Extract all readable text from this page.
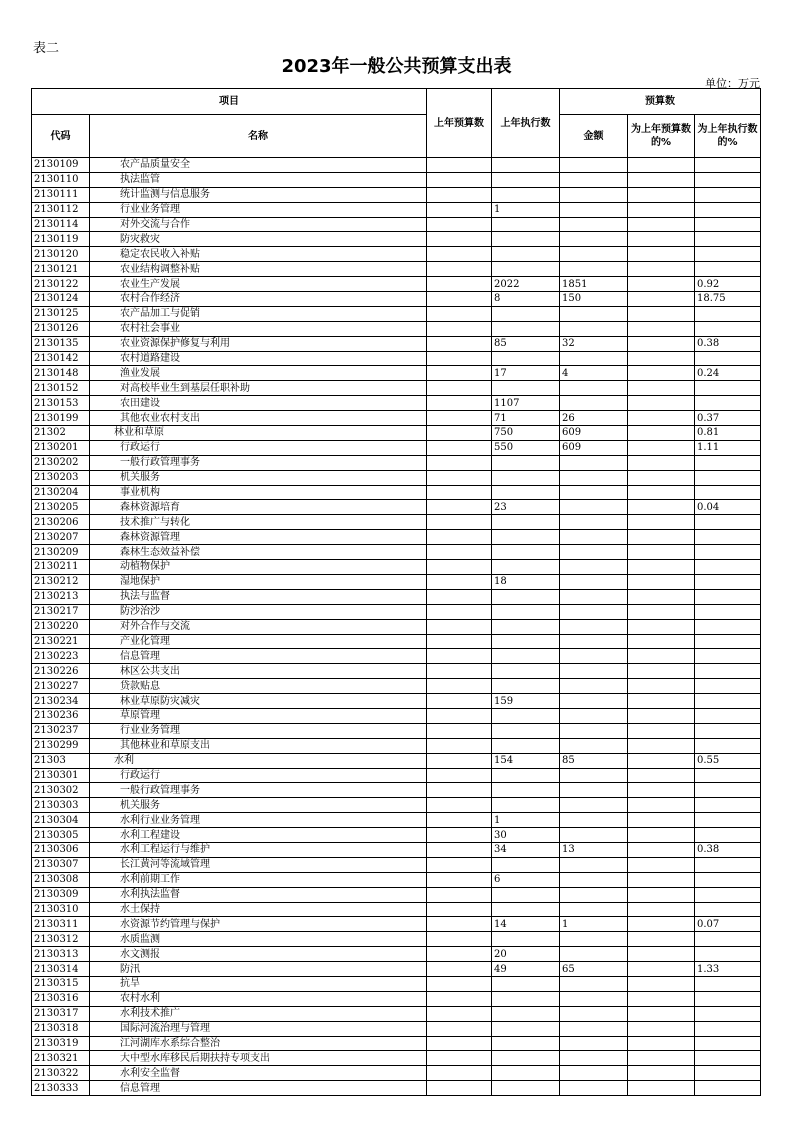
表二
2023年一般公共预算支出表
单位：万元
项目		上年预算数	上年执行数	预算数		
代码	名称			金额	为上年预算数的%	为上年执行数的%
2130109	农产品质量安全					
2130110	执法监管					
2130111	统计监测与信息服务					
2130112	行业业务管理		1			
2130114	对外交流与合作					
2130119	防灾救灾					
2130120	稳定农民收入补贴					
2130121	农业结构调整补贴					
2130122	农业生产发展		2022	1851		0.92
2130124	农村合作经济		8	150		18.75
2130125	农产品加工与促销					
2130126	农村社会事业					
2130135	农业资源保护修复与利用		85	32		0.38
2130142	农村道路建设					
2130148	渔业发展		17	4		0.24
2130152	对高校毕业生到基层任职补助					
2130153	农田建设		1107			
2130199	其他农业农村支出		71	26		0.37
21302	林业和草原		750	609		0.81
2130201	行政运行		550	609		1.11
2130202	一般行政管理事务					
2130203	机关服务					
2130204	事业机构					
2130205	森林资源培育		23			0.04
2130206	技术推广与转化					
2130207	森林资源管理					
2130209	森林生态效益补偿					
2130211	动植物保护					
2130212	湿地保护		18			
2130213	执法与监督					
2130217	防沙治沙					
2130220	对外合作与交流					
2130221	产业化管理					
2130223	信息管理					
2130226	林区公共支出					
2130227	贷款贴息					
2130234	林业草原防灾减灾		159			
2130236	草原管理					
2130237	行业业务管理					
2130299	其他林业和草原支出					
21303	水利		154	85		0.55
2130301	行政运行					
2130302	一般行政管理事务					
2130303	机关服务					
2130304	水利行业业务管理		1			
2130305	水利工程建设		30			
2130306	水利工程运行与维护		34	13		0.38
2130307	长江黄河等流域管理					
2130308	水利前期工作		6			
2130309	水利执法监督					
2130310	水土保持					
2130311	水资源节约管理与保护		14	1		0.07
2130312	水质监测					
2130313	水文测报		20			
2130314	防汛		49	65		1.33
2130315	抗旱					
2130316	农村水利					
2130317	水利技术推广					
2130318	国际河流治理与管理					
2130319	江河湖库水系综合整治					
2130321	大中型水库移民后期扶持专项支出					
2130322	水利安全监督					
2130333	信息管理					
